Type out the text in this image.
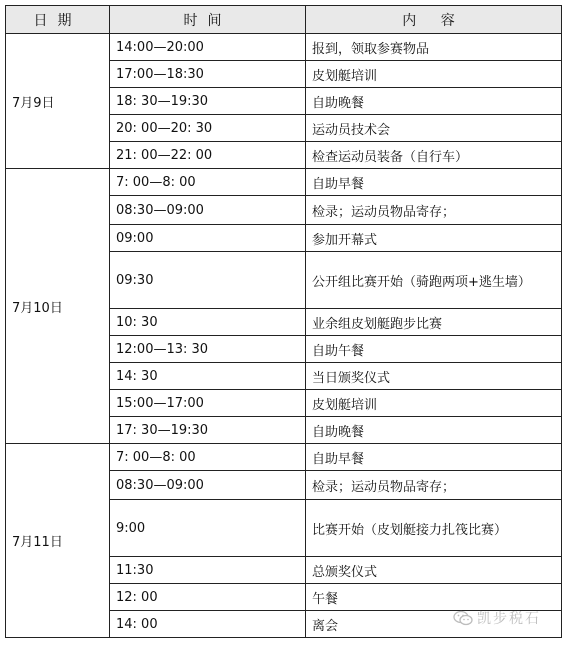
日期	时间	内 容
7月9日	14:00—20:00	报到，领取参赛物品
	17:00—18:30	皮划艇培训
	18: 30—19:30	自助晚餐
	20: 00—20: 30	运动员技术会
	21: 00—22: 00	检查运动员装备（自行车）
7月10日	7: 00—8: 00	自助早餐
	08:30—09:00	检录；运动员物品寄存；
	09:00	参加开幕式
	09:30	公开组比赛开始（骑跑两项+逃生墙）
	10: 30	业余组皮划艇跑步比赛
	12:00—13: 30	自助午餐
	14: 30	当日颁奖仪式
	15:00—17:00	皮划艇培训
	17: 30—19:30	自助晚餐
7月11日	7: 00—8: 00	自助早餐
	08:30—09:00	检录；运动员物品寄存；
	9:00	比赛开始（皮划艇接力扎筏比赛）
	11:30	总颁奖仪式
	12: 00	午餐
	14: 00	离会	凯步税石
